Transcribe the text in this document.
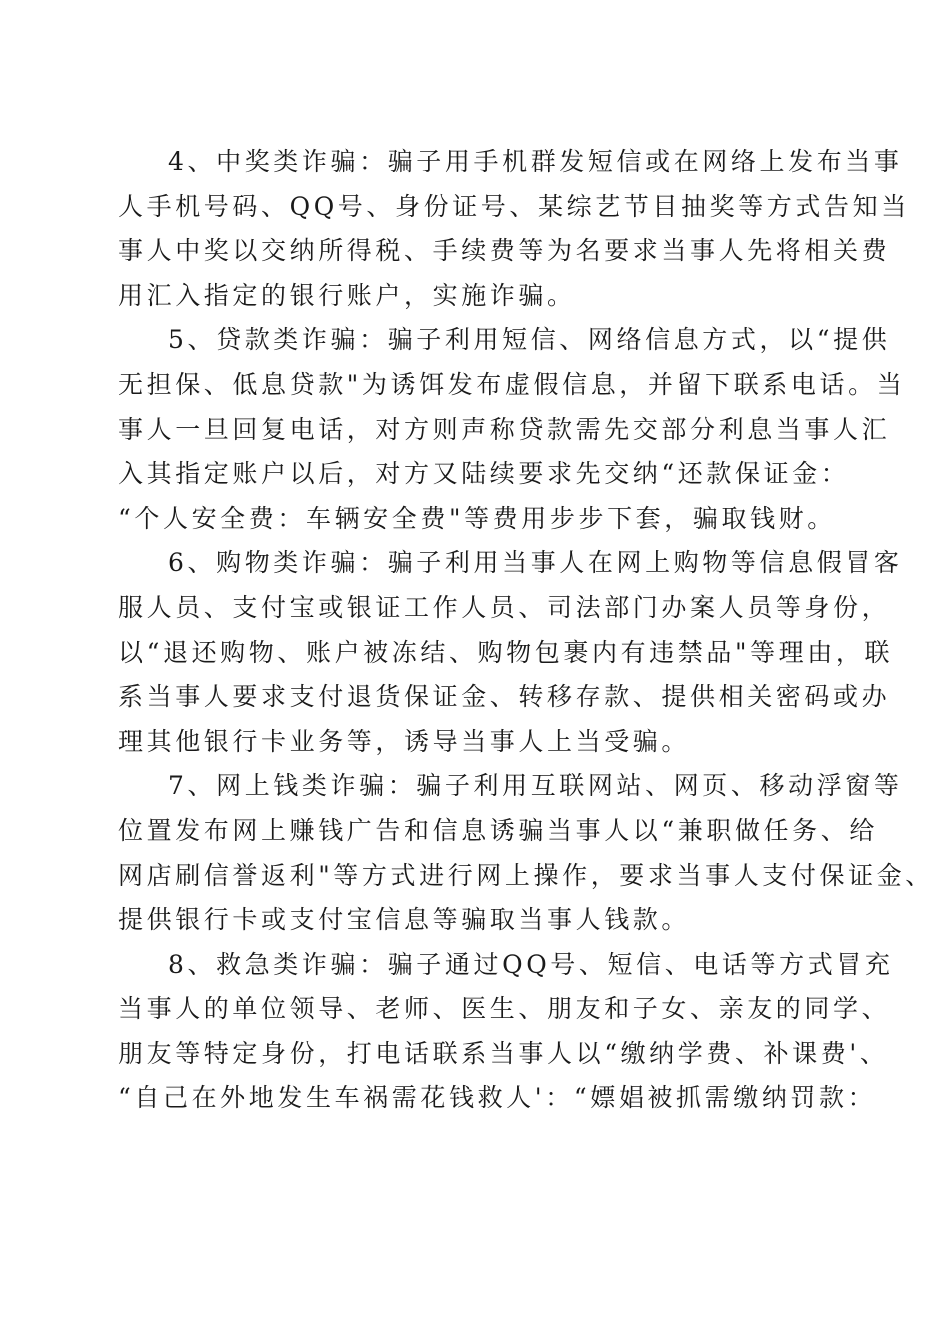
4、中奖类诈骗：骗子用手机群发短信或在网络上发布当事
人手机号码、QQ号、身份证号、某综艺节目抽奖等方式告知当
事人中奖以交纳所得税、手续费等为名要求当事人先将相关费
用汇入指定的银行账户，实施诈骗。
5、贷款类诈骗：骗子利用短信、网络信息方式，以“提供
无担保、低息贷款"为诱饵发布虚假信息，并留下联系电话。当
事人一旦回复电话，对方则声称贷款需先交部分利息当事人汇
入其指定账户以后，对方又陆续要求先交纳“还款保证金：
“个人安全费：车辆安全费"等费用步步下套，骗取钱财。
6、购物类诈骗：骗子利用当事人在网上购物等信息假冒客
服人员、支付宝或银证工作人员、司法部门办案人员等身份，
以“退还购物、账户被冻结、购物包裹内有违禁品"等理由，联
系当事人要求支付退货保证金、转移存款、提供相关密码或办
理其他银行卡业务等，诱导当事人上当受骗。
7、网上钱类诈骗：骗子利用互联网站、网页、移动浮窗等
位置发布网上赚钱广告和信息诱骗当事人以“兼职做任务、给
网店刷信誉返利"等方式进行网上操作，要求当事人支付保证金、
提供银行卡或支付宝信息等骗取当事人钱款。
8、救急类诈骗：骗子通过QQ号、短信、电话等方式冒充
当事人的单位领导、老师、医生、朋友和子女、亲友的同学、
朋友等特定身份，打电话联系当事人以“缴纳学费、补课费'、
“自己在外地发生车祸需花钱救人'：“嫖娼被抓需缴纳罚款：
